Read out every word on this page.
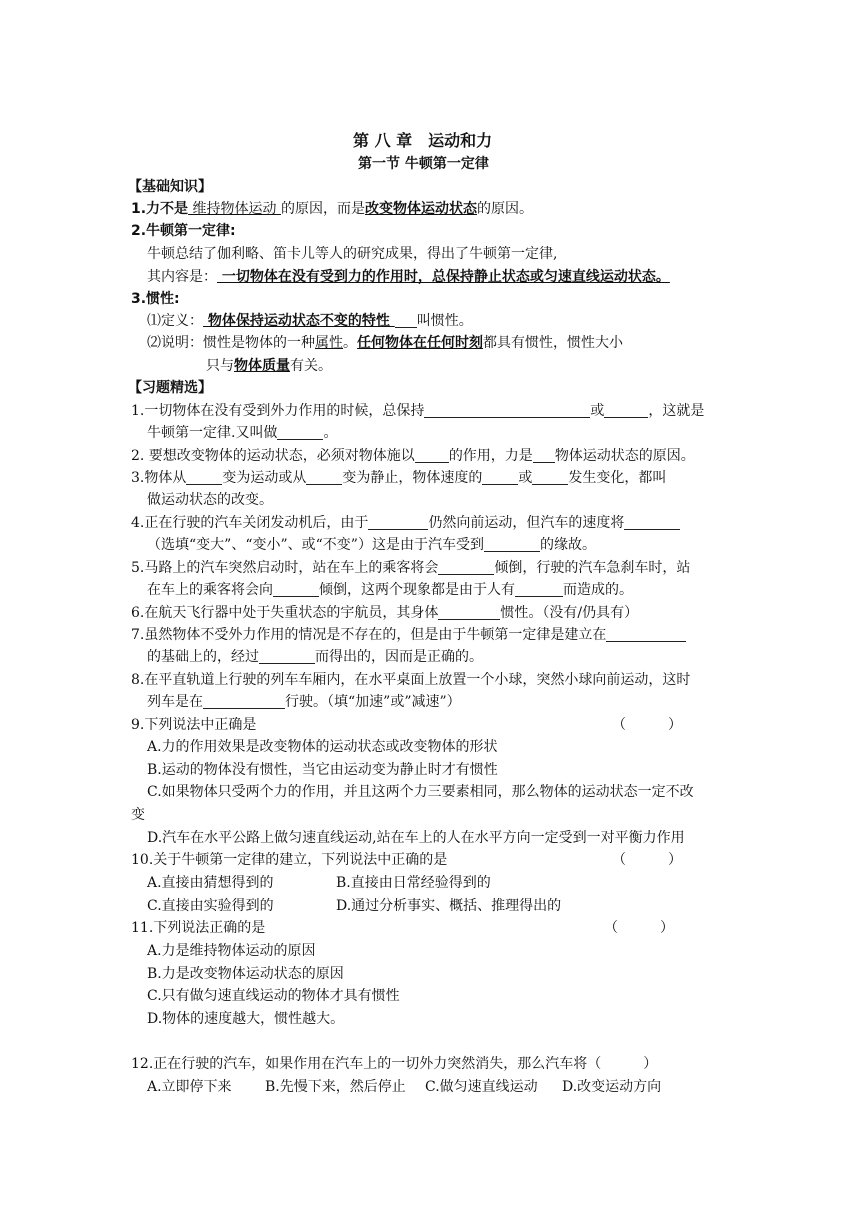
第 八 章　运动和力
第一节 牛顿第一定律
【基础知识】
1.力不是 维持物体运动 的原因，而是改变物体运动状态的原因。
2.牛顿第一定律:
牛顿总结了伽利略、笛卡儿等人的研究成果，得出了牛顿第一定律,
其内容是： 一切物体在没有受到力的作用时，总保持静止状态或匀速直线运动状态。
3.惯性:
⑴定义： 物体保持运动状态不变的特性 叫惯性。
⑵说明：惯性是物体的一种属性。任何物体在任何时刻都具有惯性，惯性大小
只与物体质量有关。
【习题精选】
1.一切物体在没有受到外力作用的时候，总保持	或	，这就是
牛顿第一定律.又叫做	。
2. 要想改变物体的运动状态，必须对物体施以 的作用，力是 物体运动状态的原因。
3.物体从	变为运动或从	变为静止，物体速度的	或	发生变化，都叫
做运动状态的改变。
4.正在行驶的汽车关闭发动机后，由于	仍然向前运动，但汽车的速度将
（选填“变大”、“变小”、或“不变”）这是由于汽车受到	的缘故。
5.马路上的汽车突然启动时，站在车上的乘客将会	倾倒，行驶的汽车急刹车时，站
在车上的乘客将会向	倾倒，这两个现象都是由于人有	而造成的。
6.在航天飞行器中处于失重状态的宇航员，其身体	惯性。（没有/仍具有）
7.虽然物体不受外力作用的情况是不存在的，但是由于牛顿第一定律是建立在
的基础上的，经过	而得出的，因而是正确的。
8.在平直轨道上行驶的列车车厢内，在水平桌面上放置一个小球，突然小球向前运动，这时
列车是在	行驶。（填“加速”或”减速”）
9.下列说法中正确是	（　　　）
A.力的作用效果是改变物体的运动状态或改变物体的形状
B.运动的物体没有惯性，当它由运动变为静止时才有惯性
C.如果物体只受两个力的作用，并且这两个力三要素相同，那么物体的运动状态一定不改
变
D.汽车在水平公路上做匀速直线运动,站在车上的人在水平方向一定受到一对平衡力作用
10.关于牛顿第一定律的建立，下列说法中正确的是	（　　　）
A.直接由猜想得到的	B.直接由日常经验得到的
C.直接由实验得到的	D.通过分析事实、概括、推理得出的
11.下列说法正确的是	（　　　）
A.力是维持物体运动的原因
B.力是改变物体运动状态的原因
C.只有做匀速直线运动的物体才具有惯性
D.物体的速度越大，惯性越大。
12.正在行驶的汽车，如果作用在汽车上的一切外力突然消失，那么汽车将（　　　）
A.立即停下来 B.先慢下来，然后停止 C.做匀速直线运动 D.改变运动方向
